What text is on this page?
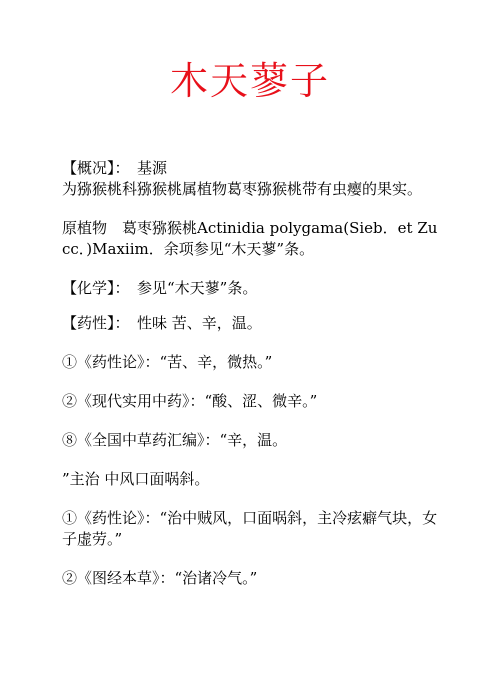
木天蓼子

【概况】：　基源
为猕猴桃科猕猴桃属植物葛枣猕猴桃带有虫瘿的果实。

原植物　葛枣猕猴桃Actinidia polygama(Sieb．et Zucc．)Maxiim．余项参见“木天蓼”条。

【化学】：　参见“木天蓼”条。

【药性】：　性味 苦、辛，温。

①《药性论》：“苦、辛，微热。”

②《现代实用中药》：“酸、涩、微辛。”

⑧《全国中草药汇编》：“辛，温。

”主治 中风口面㖞斜。

①《药性论》：“治中贼风，口面㖞斜，主冷痃癖气块，女子虚劳。”

②《图经本草》：“治诸冷气。”
